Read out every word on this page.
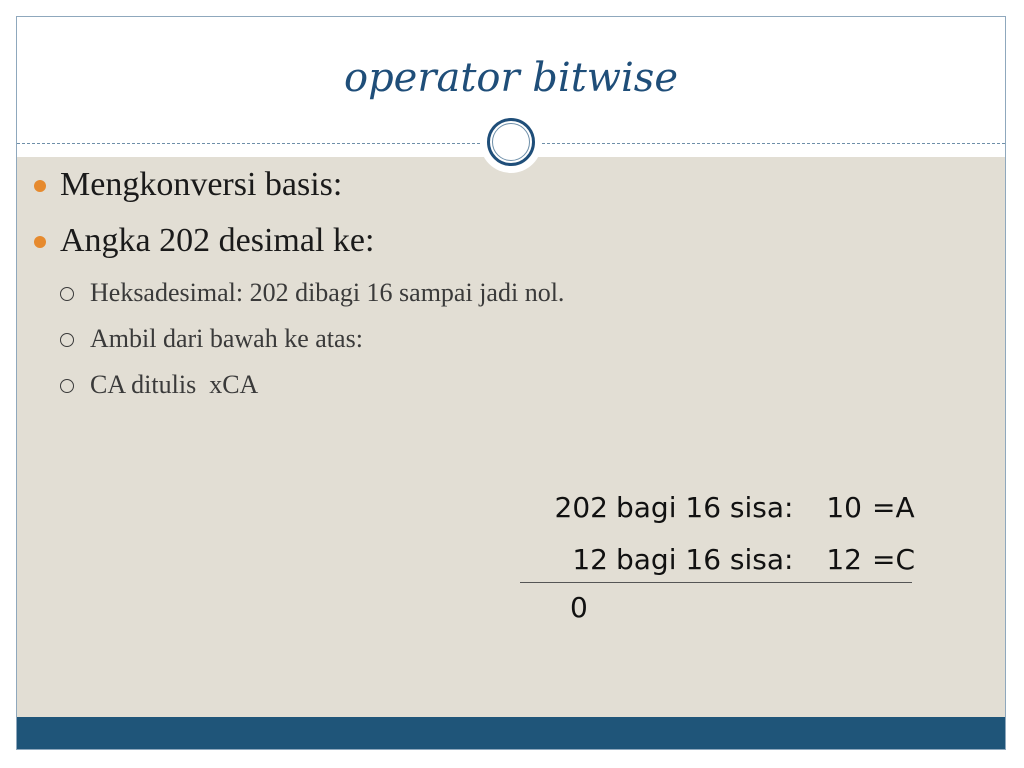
operator bitwise
Mengkonversi basis:
Angka 202 desimal ke:
Heksadesimal: 202 dibagi 16 sampai jadi nol.
Ambil dari bawah ke atas:
CA ditulis  xCA
202 bagi 16 sisa: 10 =A
12 bagi 16 sisa: 12 =C
0
